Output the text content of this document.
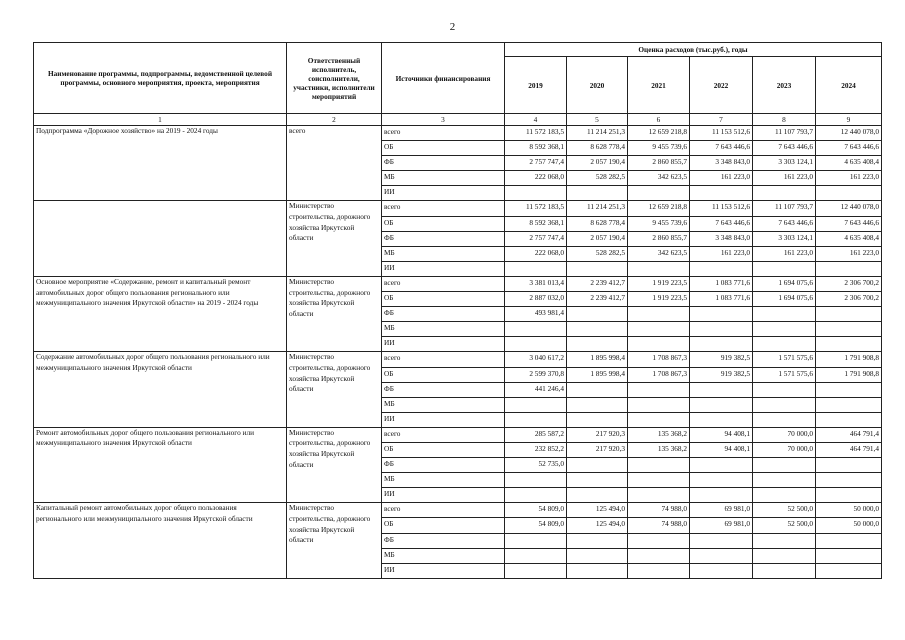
2
Наименование программы, подпрограммы, ведомственной целевой программы, основного мероприятия, проекта, мероприятия	Ответственный исполнитель, соисполнители, участники, исполнители мероприятий	Источники финансирования	Оценка расходов (тыс.руб.), годы					
			2019	2020	2021	2022	2023	2024
1	2	3	4	5	6	7	8	9
Подпрограмма «Дорожное хозяйство» на 2019 - 2024 годы	всего	всего	11 572 183,5	11 214 251,3	12 659 218,8	11 153 512,6	11 107 793,7	12 440 078,0
		ОБ	8 592 368,1	8 628 778,4	9 455 739,6	7 643 446,6	7 643 446,6	7 643 446,6
		ФБ	2 757 747,4	2 057 190,4	2 860 855,7	3 348 843,0	3 303 124,1	4 635 408,4
		МБ	222 068,0	528 282,5	342 623,5	161 223,0	161 223,0	161 223,0
		ИИ						
	Министерство строительства, дорожного хозяйства Иркутской области	всего	11 572 183,5	11 214 251,3	12 659 218,8	11 153 512,6	11 107 793,7	12 440 078,0
		ОБ	8 592 368,1	8 628 778,4	9 455 739,6	7 643 446,6	7 643 446,6	7 643 446,6
		ФБ	2 757 747,4	2 057 190,4	2 860 855,7	3 348 843,0	3 303 124,1	4 635 408,4
		МБ	222 068,0	528 282,5	342 623,5	161 223,0	161 223,0	161 223,0
		ИИ						
Основное мероприятие «Содержание, ремонт и капитальный ремонт автомобильных дорог общего пользования регионального или межмуниципального значения Иркутской области» на 2019 - 2024 годы	Министерство строительства, дорожного хозяйства Иркутской области	всего	3 381 013,4	2 239 412,7	1 919 223,5	1 083 771,6	1 694 075,6	2 306 700,2
		ОБ	2 887 032,0	2 239 412,7	1 919 223,5	1 083 771,6	1 694 075,6	2 306 700,2
		ФБ	493 981,4					
		МБ						
		ИИ						
Содержание автомобильных дорог общего пользования регионального или межмуниципального значения Иркутской области	Министерство строительства, дорожного хозяйства Иркутской области	всего	3 040 617,2	1 895 998,4	1 708 867,3	919 382,5	1 571 575,6	1 791 908,8
		ОБ	2 599 370,8	1 895 998,4	1 708 867,3	919 382,5	1 571 575,6	1 791 908,8
		ФБ	441 246,4					
		МБ						
		ИИ						
Ремонт автомобильных дорог общего пользования регионального или межмуниципального значения Иркутской области	Министерство строительства, дорожного хозяйства Иркутской области	всего	285 587,2	217 920,3	135 368,2	94 408,1	70 000,0	464 791,4
		ОБ	232 852,2	217 920,3	135 368,2	94 408,1	70 000,0	464 791,4
		ФБ	52 735,0					
		МБ						
		ИИ						
Капитальный ремонт автомобильных дорог общего пользования регионального или межмуниципального значения Иркутской области	Министерство строительства, дорожного хозяйства Иркутской области	всего	54 809,0	125 494,0	74 988,0	69 981,0	52 500,0	50 000,0
		ОБ	54 809,0	125 494,0	74 988,0	69 981,0	52 500,0	50 000,0
		ФБ						
		МБ						
		ИИ						
